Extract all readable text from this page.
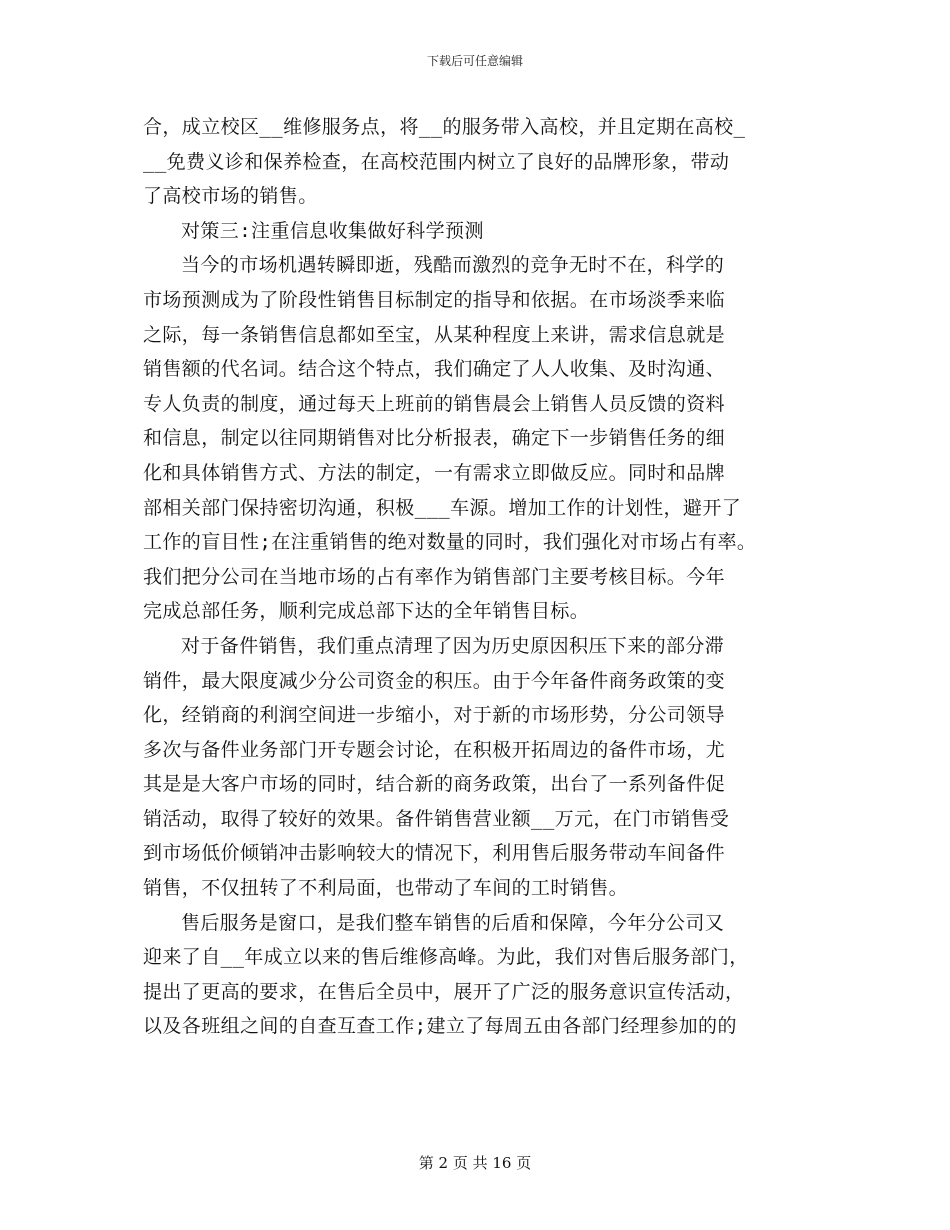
下载后可任意编辑
合，成立校区__维修服务点，将__的服务带入高校，并且定期在高校_
__免费义诊和保养检查，在高校范围内树立了良好的品牌形象，带动
了高校市场的销售。
对策三:注重信息收集做好科学预测
当今的市场机遇转瞬即逝，残酷而激烈的竞争无时不在，科学的
市场预测成为了阶段性销售目标制定的指导和依据。在市场淡季来临
之际，每一条销售信息都如至宝，从某种程度上来讲，需求信息就是
销售额的代名词。结合这个特点，我们确定了人人收集、及时沟通、
专人负责的制度，通过每天上班前的销售晨会上销售人员反馈的资料
和信息，制定以往同期销售对比分析报表，确定下一步销售任务的细
化和具体销售方式、方法的制定，一有需求立即做反应。同时和品牌
部相关部门保持密切沟通，积极___车源。增加工作的计划性，避开了
工作的盲目性;在注重销售的绝对数量的同时，我们强化对市场占有率。
我们把分公司在当地市场的占有率作为销售部门主要考核目标。今年
完成总部任务，顺利完成总部下达的全年销售目标。
对于备件销售，我们重点清理了因为历史原因积压下来的部分滞
销件，最大限度减少分公司资金的积压。由于今年备件商务政策的变
化，经销商的利润空间进一步缩小，对于新的市场形势，分公司领导
多次与备件业务部门开专题会讨论，在积极开拓周边的备件市场，尤
其是是大客户市场的同时，结合新的商务政策，出台了一系列备件促
销活动，取得了较好的效果。备件销售营业额__万元，在门市销售受
到市场低价倾销冲击影响较大的情况下，利用售后服务带动车间备件
销售，不仅扭转了不利局面，也带动了车间的工时销售。
售后服务是窗口，是我们整车销售的后盾和保障，今年分公司又
迎来了自__年成立以来的售后维修高峰。为此，我们对售后服务部门，
提出了更高的要求，在售后全员中，展开了广泛的服务意识宣传活动，
以及各班组之间的自查互查工作;建立了每周五由各部门经理参加的的
第 2 页 共 16 页
